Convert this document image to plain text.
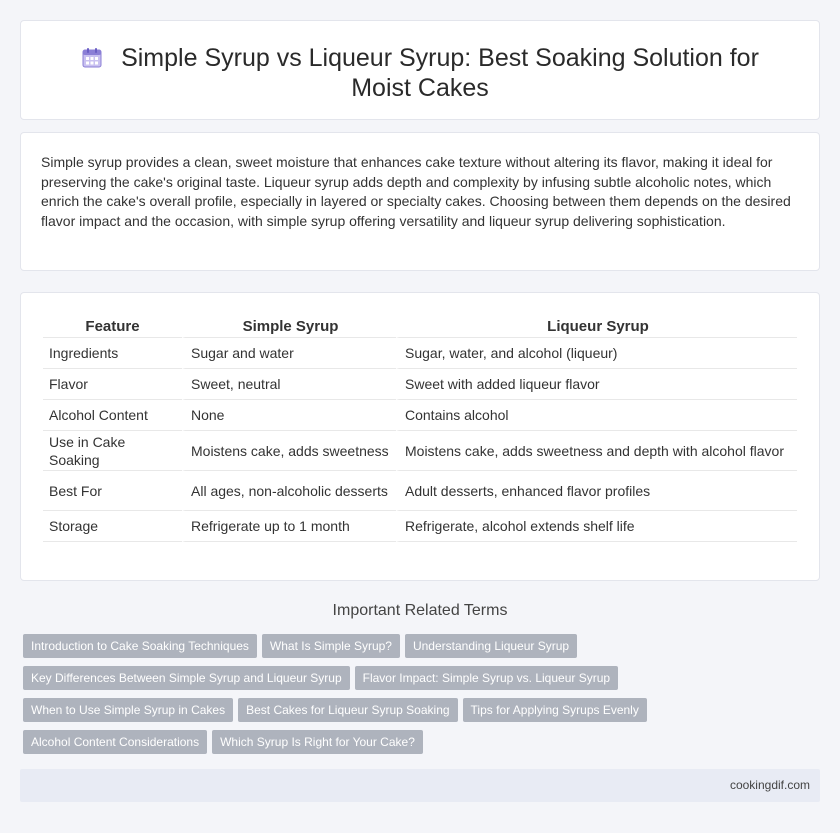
Simple Syrup vs Liqueur Syrup: Best Soaking Solution for Moist Cakes

Simple syrup provides a clean, sweet moisture that enhances cake texture without altering its flavor, making it ideal for preserving the cake's original taste. Liqueur syrup adds depth and complexity by infusing subtle alcoholic notes, which enrich the cake's overall profile, especially in layered or specialty cakes. Choosing between them depends on the desired flavor impact and the occasion, with simple syrup offering versatility and liqueur syrup delivering sophistication.

Feature	Simple Syrup	Liqueur Syrup
Ingredients	Sugar and water	Sugar, water, and alcohol (liqueur)
Flavor	Sweet, neutral	Sweet with added liqueur flavor
Alcohol Content	None	Contains alcohol
Use in Cake Soaking	Moistens cake, adds sweetness	Moistens cake, adds sweetness and depth with alcohol flavor
Best For	All ages, non-alcoholic desserts	Adult desserts, enhanced flavor profiles
Storage	Refrigerate up to 1 month	Refrigerate, alcohol extends shelf life
Important Related Terms
Introduction to Cake Soaking Techniques What Is Simple Syrup? Understanding Liqueur Syrup
Key Differences Between Simple Syrup and Liqueur Syrup Flavor Impact: Simple Syrup vs. Liqueur Syrup
When to Use Simple Syrup in Cakes Best Cakes for Liqueur Syrup Soaking Tips for Applying Syrups Evenly
Alcohol Content Considerations Which Syrup Is Right for Your Cake?
cookingdif.com
